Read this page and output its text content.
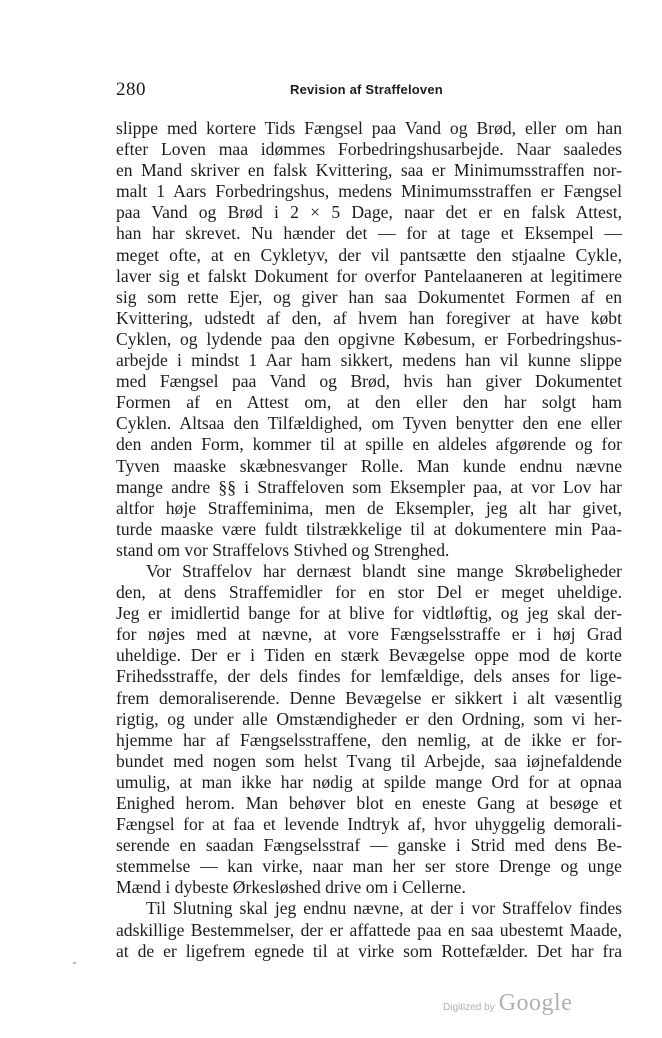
280	Revision af Straffeloven
slippe med kortere Tids Fængsel paa Vand og Brød, eller om han
efter Loven maa idømmes Forbedringshusarbejde. Naar saaledes
en Mand skriver en falsk Kvittering, saa er Minimumsstraffen nor-
malt 1 Aars Forbedringshus, medens Minimumsstraffen er Fængsel
paa Vand og Brød i 2 × 5 Dage, naar det er en falsk Attest,
han har skrevet. Nu hænder det — for at tage et Eksempel —
meget ofte, at en Cykletyv, der vil pantsætte den stjaalne Cykle,
laver sig et falskt Dokument for overfor Pantelaaneren at legitimere
sig som rette Ejer, og giver han saa Dokumentet Formen af en
Kvittering, udstedt af den, af hvem han foregiver at have købt
Cyklen, og lydende paa den opgivne Købesum, er Forbedringshus-
arbejde i mindst 1 Aar ham sikkert, medens han vil kunne slippe
med Fængsel paa Vand og Brød, hvis han giver Dokumentet
Formen af en Attest om, at den eller den har solgt ham
Cyklen. Altsaa den Tilfældighed, om Tyven benytter den ene eller
den anden Form, kommer til at spille en aldeles afgørende og for
Tyven maaske skæbnesvanger Rolle. Man kunde endnu nævne
mange andre §§ i Straffeloven som Eksempler paa, at vor Lov har
altfor høje Straffeminima, men de Eksempler, jeg alt har givet,
turde maaske være fuldt tilstrækkelige til at dokumentere min Paa-
stand om vor Straffelovs Stivhed og Strenghed.
Vor Straffelov har dernæst blandt sine mange Skrøbeligheder
den, at dens Straffemidler for en stor Del er meget uheldige.
Jeg er imidlertid bange for at blive for vidtløftig, og jeg skal der-
for nøjes med at nævne, at vore Fængselsstraffe er i høj Grad
uheldige. Der er i Tiden en stærk Bevægelse oppe mod de korte
Frihedsstraffe, der dels findes for lemfældige, dels anses for lige-
frem demoraliserende. Denne Bevægelse er sikkert i alt væsentlig
rigtig, og under alle Omstændigheder er den Ordning, som vi her-
hjemme har af Fængselsstraffene, den nemlig, at de ikke er for-
bundet med nogen som helst Tvang til Arbejde, saa iøjnefaldende
umulig, at man ikke har nødig at spilde mange Ord for at opnaa
Enighed herom. Man behøver blot en eneste Gang at besøge et
Fængsel for at faa et levende Indtryk af, hvor uhyggelig demorali-
serende en saadan Fængselsstraf — ganske i Strid med dens Be-
stemmelse — kan virke, naar man her ser store Drenge og unge
Mænd i dybeste Ørkesløshed drive om i Cellerne.
Til Slutning skal jeg endnu nævne, at der i vor Straffelov findes
adskillige Bestemmelser, der er affattede paa en saa ubestemt Maade,
at de er ligefrem egnede til at virke som Rottefælder. Det har fra
Digitized by Google
